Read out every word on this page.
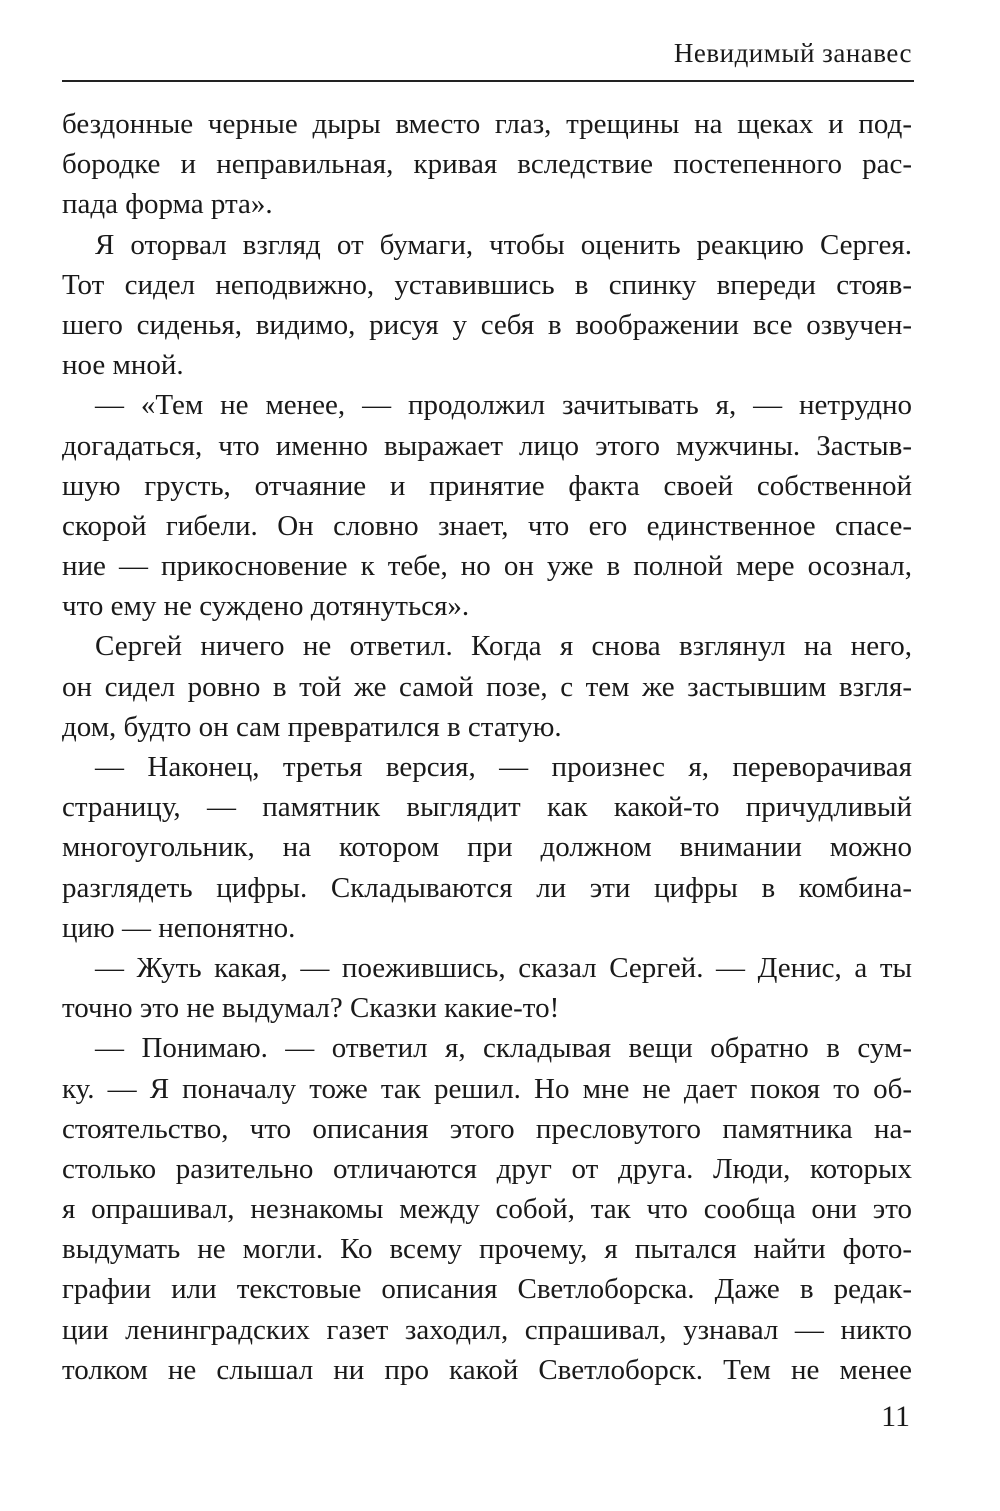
Невидимый занавес
бездонные черные дыры вместо глаз, трещины на щеках и под-
бородке и неправильная, кривая вследствие постепенного рас-
пада форма рта».
Я оторвал взгляд от бумаги, чтобы оценить реакцию Сергея.
Тот сидел неподвижно, уставившись в спинку впереди стояв-
шего сиденья, видимо, рисуя у себя в воображении все озвучен-
ное мной.
— «Тем не менее, — продолжил зачитывать я, — нетрудно
догадаться, что именно выражает лицо этого мужчины. Застыв-
шую грусть, отчаяние и принятие факта своей собственной
скорой гибели. Он словно знает, что его единственное спасе-
ние — прикосновение к тебе, но он уже в полной мере осознал,
что ему не суждено дотянуться».
Сергей ничего не ответил. Когда я снова взглянул на него,
он сидел ровно в той же самой позе, с тем же застывшим взгля-
дом, будто он сам превратился в статую.
— Наконец, третья версия, — произнес я, переворачивая
страницу, — памятник выглядит как какой-то причудливый
многоугольник, на котором при должном внимании можно
разглядеть цифры. Складываются ли эти цифры в комбина-
цию — непонятно.
— Жуть какая, — поежившись, сказал Сергей. — Денис, а ты
точно это не выдумал? Сказки какие-то!
— Понимаю. — ответил я, складывая вещи обратно в сум-
ку. — Я поначалу тоже так решил. Но мне не дает покоя то об-
стоятельство, что описания этого пресловутого памятника на-
столько разительно отличаются друг от друга. Люди, которых
я опрашивал, незнакомы между собой, так что сообща они это
выдумать не могли. Ко всему прочему, я пытался найти фото-
графии или текстовые описания Светлоборска. Даже в редак-
ции ленинградских газет заходил, спрашивал, узнавал — никто
толком не слышал ни про какой Светлоборск. Тем не менее
11
